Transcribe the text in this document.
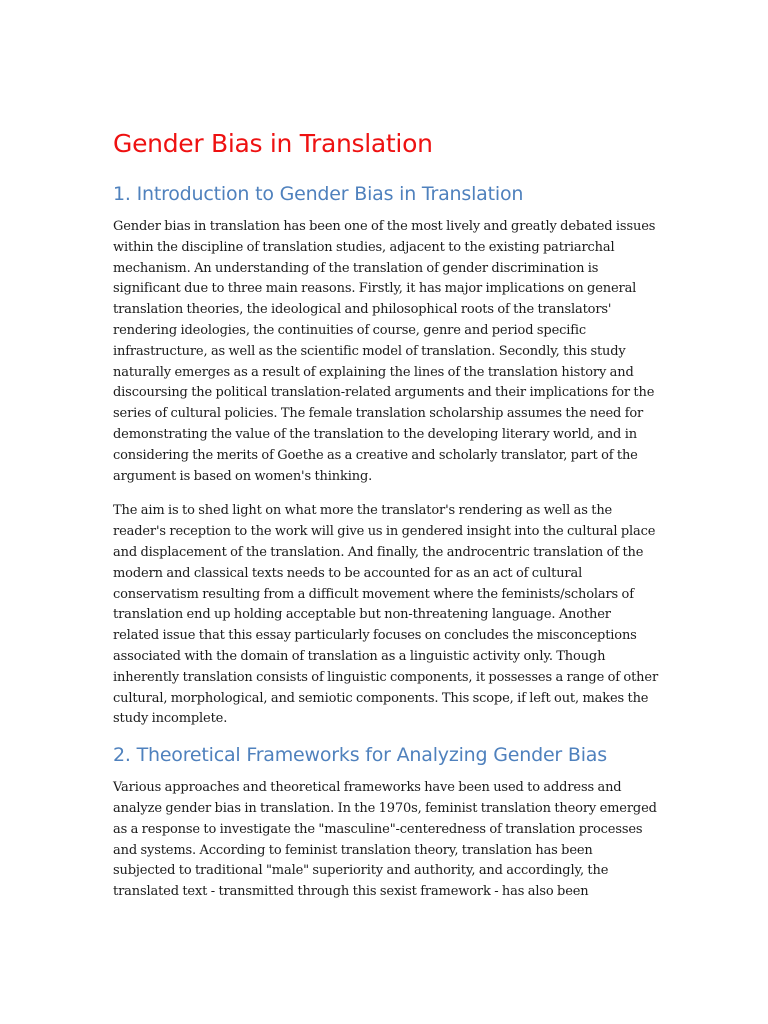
Gender Bias in Translation
1. Introduction to Gender Bias in Translation

Gender bias in translation has been one of the most lively and greatly debated issues within the discipline of translation studies, adjacent to the existing patriarchal mechanism. An understanding of the translation of gender discrimination is significant due to three main reasons. Firstly, it has major implications on general translation theories, the ideological and philosophical roots of the translators' rendering ideologies, the continuities of course, genre and period specific infrastructure, as well as the scientific model of translation. Secondly, this study naturally emerges as a result of explaining the lines of the translation history and discoursing the political translation-related arguments and their implications for the series of cultural policies. The female translation scholarship assumes the need for demonstrating the value of the translation to the developing literary world, and in considering the merits of Goethe as a creative and scholarly translator, part of the argument is based on women's thinking.

The aim is to shed light on what more the translator's rendering as well as the reader's reception to the work will give us in gendered insight into the cultural place and displacement of the translation. And finally, the androcentric translation of the modern and classical texts needs to be accounted for as an act of cultural conservatism resulting from a difficult movement where the feminists/scholars of translation end up holding acceptable but non-threatening language. Another related issue that this essay particularly focuses on concludes the misconceptions associated with the domain of translation as a linguistic activity only. Though inherently translation consists of linguistic components, it possesses a range of other cultural, morphological, and semiotic components. This scope, if left out, makes the study incomplete.

2. Theoretical Frameworks for Analyzing Gender Bias

Various approaches and theoretical frameworks have been used to address and analyze gender bias in translation. In the 1970s, feminist translation theory emerged as a response to investigate the "masculine"-centeredness of translation processes and systems. According to feminist translation theory, translation has been subjected to traditional "male" superiority and authority, and accordingly, the translated text - transmitted through this sexist framework - has also been
